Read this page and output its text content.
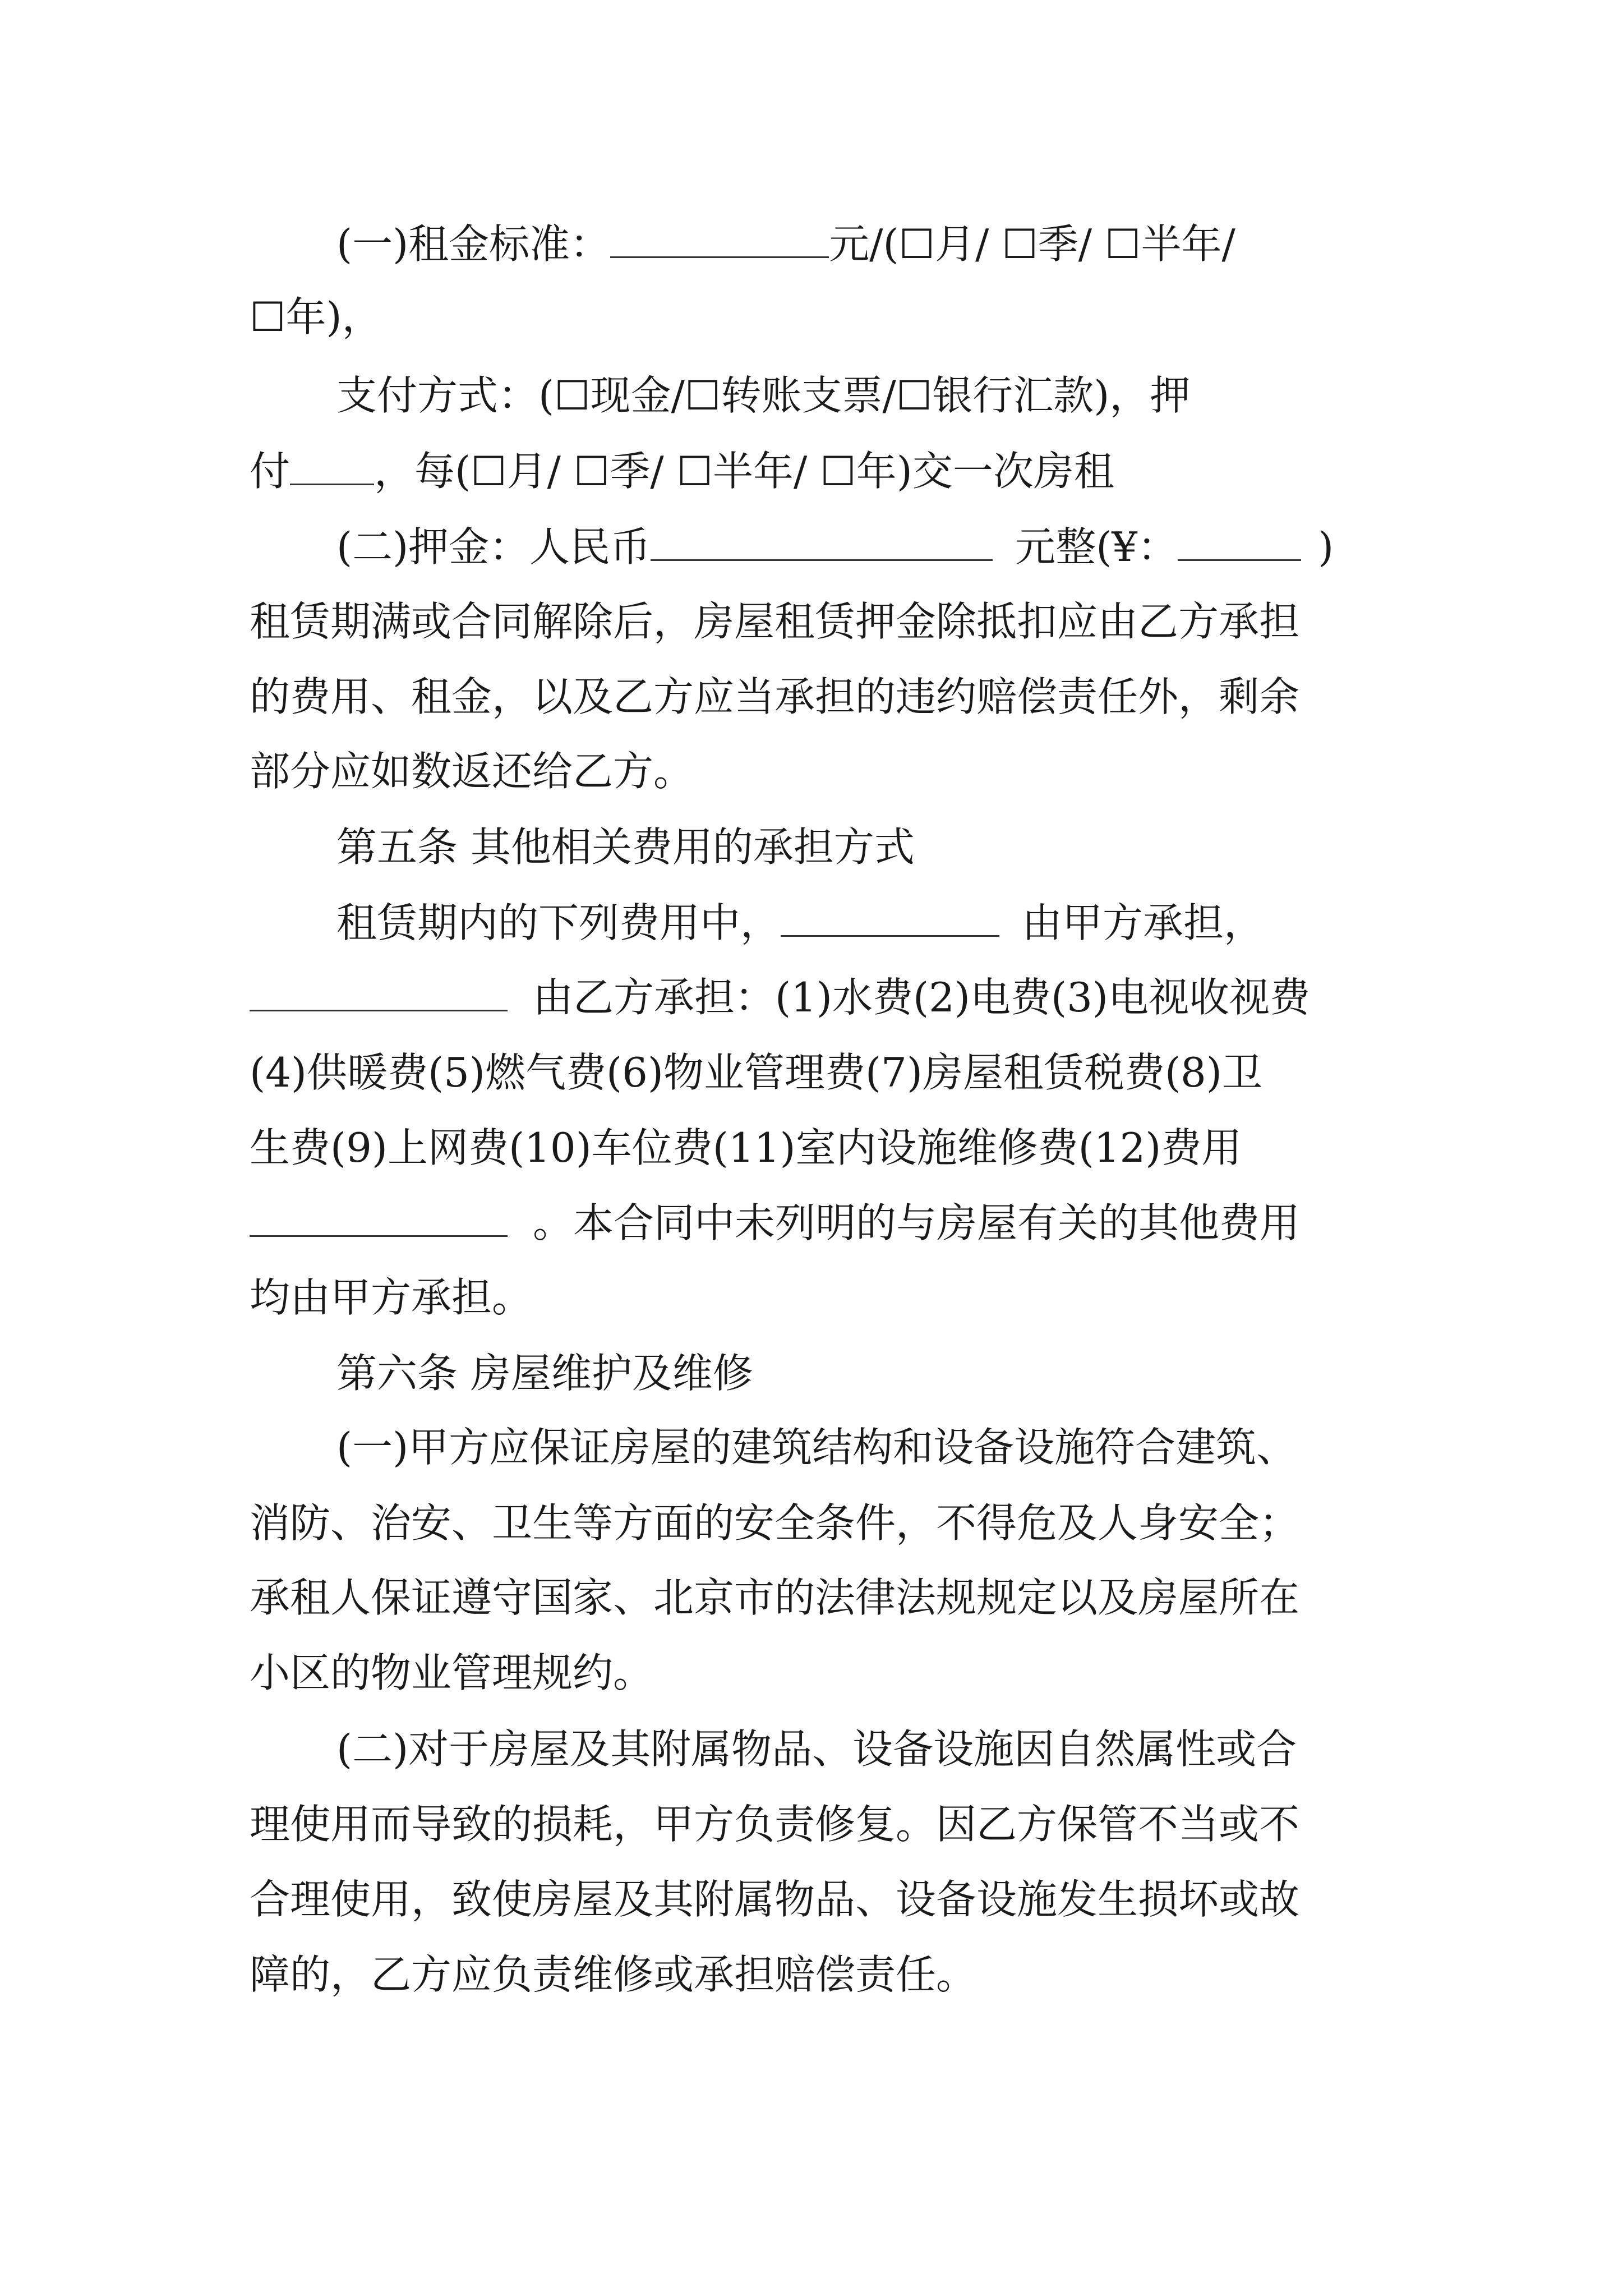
(一)租金标准：	元/(☐月/ ☐季/ ☐半年/
☐年)，
支付方式：(☐现金/☐转账支票/☐银行汇款)，押
付 ，每(☐月/ ☐季/ ☐半年/ ☐年)交一次房租
(二)押金：人民币	元整(¥：	)
租赁期满或合同解除后，房屋租赁押金除抵扣应由乙方承担
的费用、租金，以及乙方应当承担的违约赔偿责任外，剩余
部分应如数返还给乙方。
第五条 其他相关费用的承担方式
租赁期内的下列费用中，	由甲方承担，
由乙方承担：(1)水费(2)电费(3)电视收视费
(4)供暖费(5)燃气费(6)物业管理费(7)房屋租赁税费(8)卫
生费(9)上网费(10)车位费(11)室内设施维修费(12)费用
。本合同中未列明的与房屋有关的其他费用
均由甲方承担。
第六条 房屋维护及维修
(一)甲方应保证房屋的建筑结构和设备设施符合建筑、
消防、治安、卫生等方面的安全条件，不得危及人身安全；
承租人保证遵守国家、北京市的法律法规规定以及房屋所在
小区的物业管理规约。
(二)对于房屋及其附属物品、设备设施因自然属性或合
理使用而导致的损耗，甲方负责修复。因乙方保管不当或不
合理使用，致使房屋及其附属物品、设备设施发生损坏或故
障的，乙方应负责维修或承担赔偿责任。
